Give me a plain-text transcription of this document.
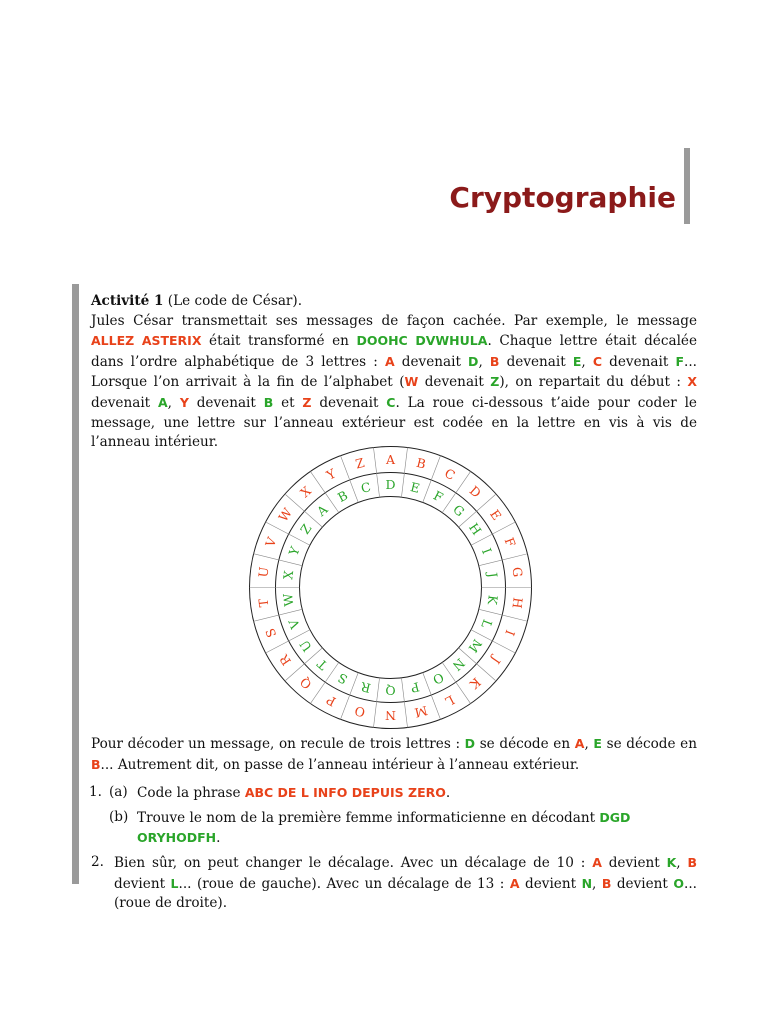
Cryptographie

Activité 1 (Le code de César).
Jules César transmettait ses messages de façon cachée. Par exemple, le message ALLEZ ASTERIX était transformé en DOOHC DVWHULA. Chaque lettre était décalée dans l’ordre alphabétique de 3 lettres : A devenait D, B devenait E, C devenait F... Lorsque l’on arrivait à la fin de l’alphabet (W devenait Z), on repartait du début : X devenait A, Y devenait B et Z devenait C. La roue ci-dessous t’aide pour coder le message, une lettre sur l’anneau extérieur est codée en la lettre en vis à vis de l’anneau intérieur.

A B
C
D
E
F
G
H
I
J
K
L
M
N
O
P
Q
R
S
T
U
V
W
X
Y
Z
D E
F
G
H
I
J
K
L
M
N
O
P
Q
R
S
T
U
V
W
X
Y
Z
A
B
C

Pour décoder un message, on recule de trois lettres : D se décode en A, E se décode en B... Autrement dit, on passe de l’anneau intérieur à l’anneau extérieur.

1. (a) Code la phrase ABC DE L INFO DEPUIS ZERO.
(b) Trouve le nom de la première femme informaticienne en décodant DGD ORYHODFH.
2. Bien sûr, on peut changer le décalage. Avec un décalage de 10 : A devient K, B devient L... (roue de gauche). Avec un décalage de 13 : A devient N, B devient O... (roue de droite).
